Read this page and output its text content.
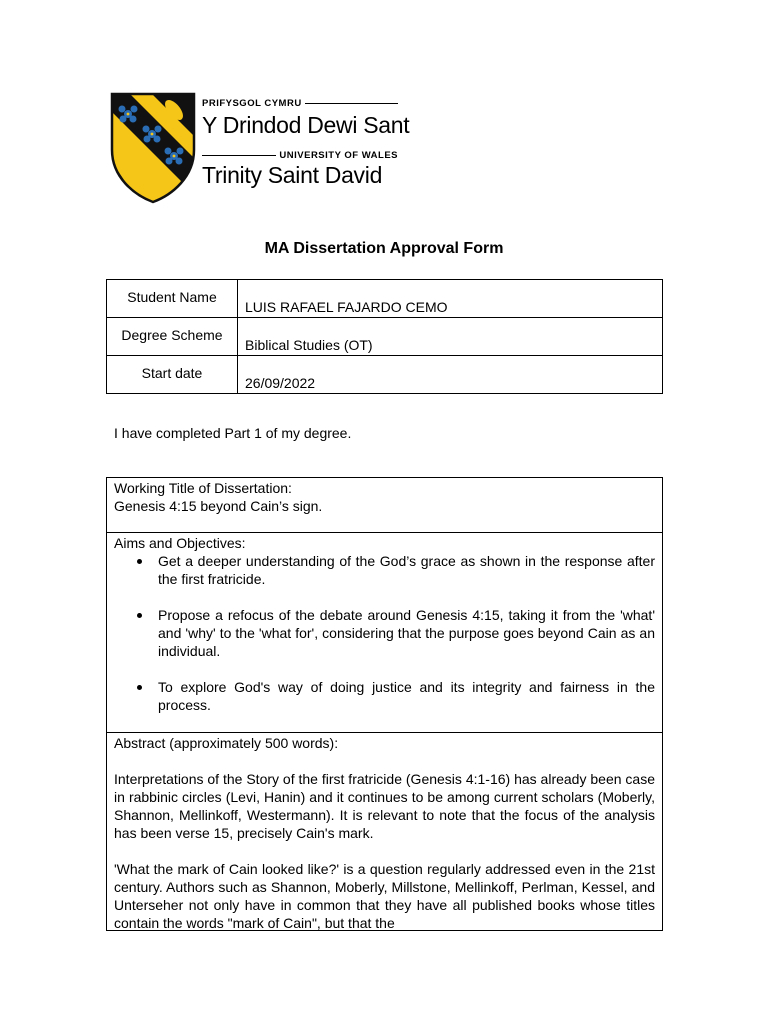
PRIFYSGOL CYMRU
Y Drindod Dewi Sant
UNIVERSITY OF WALES
Trinity Saint David
MA Dissertation Approval Form
Student Name	LUIS RAFAEL FAJARDO CEMO
Degree Scheme	Biblical Studies (OT)
Start date	26/09/2022
I have completed Part 1 of my degree.
Working Title of Dissertation:
Genesis 4:15 beyond Cain’s sign.
Aims and Objectives:
Get a deeper understanding of the God’s grace as shown in the response after the first fratricide.
Propose a refocus of the debate around Genesis 4:15, taking it from the 'what' and 'why' to the 'what for', considering that the purpose goes beyond Cain as an individual.
To explore God's way of doing justice and its integrity and fairness in the process.
Abstract (approximately 500 words):

Interpretations of the Story of the first fratricide (Genesis 4:1-16) has already been case in rabbinic circles (Levi, Hanin) and it continues to be among current scholars (Moberly, Shannon, Mellinkoff, Westermann). It is relevant to note that the focus of the analysis has been verse 15, precisely Cain's mark.

'What the mark of Cain looked like?' is a question regularly addressed even in the 21st century. Authors such as Shannon, Moberly, Millstone, Mellinkoff, Perlman, Kessel, and Unterseher not only have in common that they have all published books whose titles contain the words "mark of Cain", but that the
